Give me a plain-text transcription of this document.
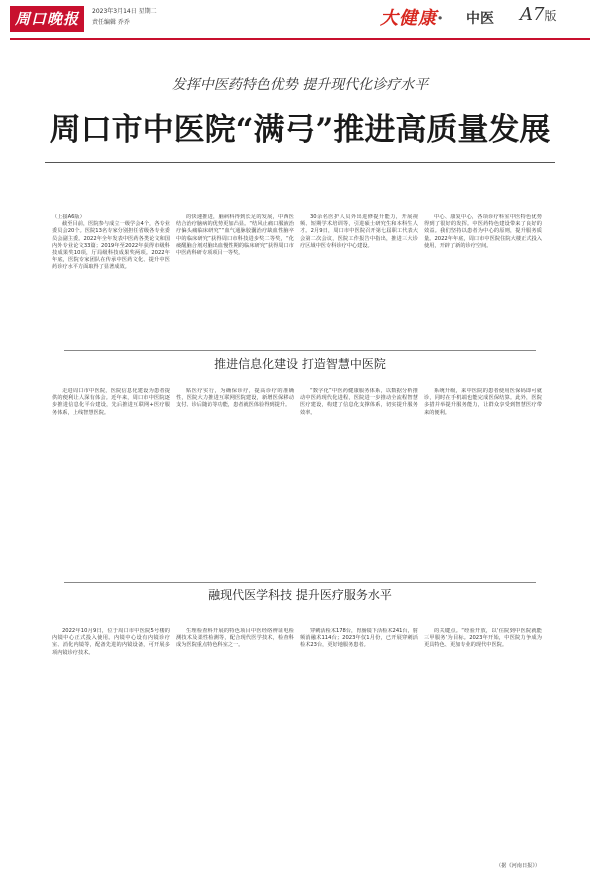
周口晚报	2023年3月14日 星期二
责任编辑 乔乔	大健康· 中医 A7版
发挥中医药特色优势 提升现代化诊疗水平
周口市中医院“满弓”推进高质量发展
（上接A6版）

截至目前，医院参与成立一级学会4个，各专业委员会20个。医院13名专家分别担任省级各专业委员会副主委。2022年全年发表中医药各类论文和国内外专业论文33篇；2019年至2022年获得市级科技成果奖10项，厅局级科技成果奖两项。2022年年底，医院专家团队在传承中医药文化、提升中医药诊疗水平方面取得了显著成效。

的快速推进，脑病科得到长足的发展，中西医结合治疗脑病的优势更加凸显。“结风止痛口服液治疗偏头痛临床研究”“血气通脉胶囊治疗缺血性脑卒中的临床研究”获得周口市科技进步奖二等奖，“化痰醒脑合剂对脑出血慢性期的临床研究”获得周口市中医药科研专项项目一等奖。

30余名医护人员外出进修提升能力，开展视频、短期学术培训等，引进硕士研究生和本科生人才。2月9日，周口市中医院召开第七届职工代表大会第二次会议，医院工作报告中指出，推进三大诊疗区域中医专科诊疗中心建设。

中心、康复中心，各项诊疗科室中医特色优势得到了很好的发挥。中医药特色建设带来了良好的效益。我们坚持以患者为中心的原则，提升服务质量。2022年年底，周口市中医院住院大楼正式投入使用，开辟了新的诊疗空间。

推进信息化建设 打造智慧中医院

走进周口市中医院，医院信息化建设为患者提供的便利让人深有体会。近年来，周口市中医院逐步推进信息化平台建设，先后推进互联网+医疗服务体系，上线智慧医院。

贴医疗实行，为确保诊疗，提高诊疗的准确性，医院大力推进互联网医院建设，新增医保移动支付、诊后随访等功能，患者就医体验得到提升。

“数字化”中医药健康服务体系，以数据分析推动中医药现代化进程，医院进一步推动全流程智慧医疗建设，构建了信息化支撑体系，切实提升服务效率。

系统升级，来中医院的患者使用医保码即可就诊，同时在手机端也能完成医保结算。此外，医院多措并举提升服务能力，让群众享受到智慧医疗带来的便利。

融现代医学科技 提升医疗服务水平

2022年10月9日，位于周口市中医院5号楼的内镜中心正式投入使用。内镜中心设有内镜诊疗室、消化内镜等，配备先进的内镜设备，可开展多项内镜诊疗技术。

生理检查科开展的特色项目中医经络辨证电检测技术及柔性检测等，配合现代医学技术，检查科成为医院重点特色科室之一。

穿刺活检术178台，胃肠镜下活检术241台，射频消融术114台；2023年仅1月份，已开展穿刺活检术23台，更好地服务患者。

的关键点。“经验开放，以‘住院到中医院就能三甲服务’为目标。2023年开始，中医院力争成为更具特色、更加专业的现代中医院。

（据《河南日报》）
